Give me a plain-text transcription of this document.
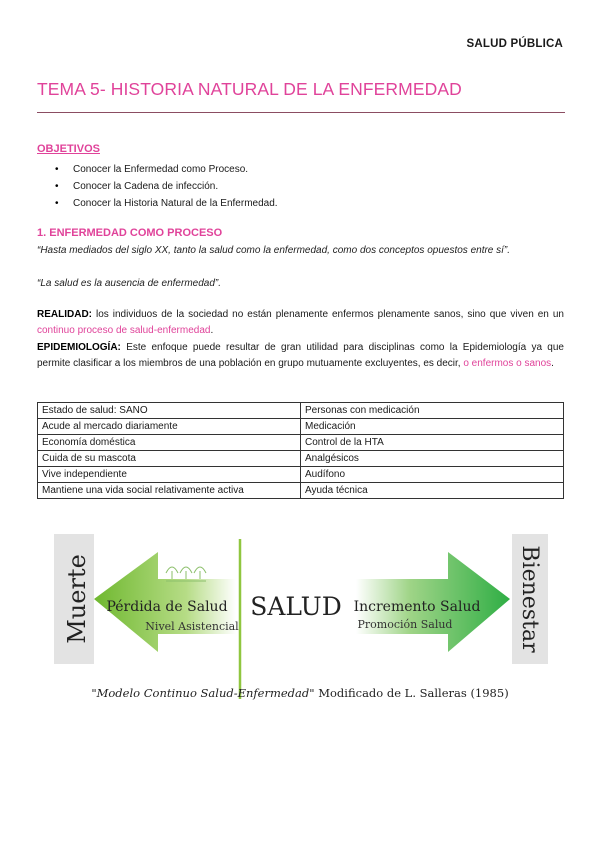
SALUD PÚBLICA
TEMA 5- HISTORIA NATURAL DE LA ENFERMEDAD
OBJETIVOS
• Conocer la Enfermedad como Proceso.
• Conocer la Cadena de infección.
• Conocer la Historia Natural de la Enfermedad.
1. ENFERMEDAD COMO PROCESO
“Hasta mediados del siglo XX, tanto la salud como la enfermedad, como dos conceptos opuestos entre sí”.
“La salud es la ausencia de enfermedad”.
REALIDAD: los individuos de la sociedad no están plenamente enfermos plenamente sanos, sino que viven en un continuo proceso de salud-enfermedad.
EPIDEMIOLOGÍA: Este enfoque puede resultar de gran utilidad para disciplinas como la Epidemiología ya que permite clasificar a los miembros de una población en grupo mutuamente excluyentes, es decir, o enfermos o sanos.
Estado de salud: SANO	Personas con medicación
Acude al mercado diariamente	Medicación
Economía doméstica	Control de la HTA
Cuida de su mascota	Analgésicos
Vive independiente	Audífono
Mantiene una vida social relativamente activa	Ayuda técnica
Muerte	Bienestar
Pérdida de Salud
Nivel Asistencial
SALUD Incremento Salud
Promoción Salud
"Modelo Continuo Salud-Enfermedad" Modificado de L. Salleras (1985)
